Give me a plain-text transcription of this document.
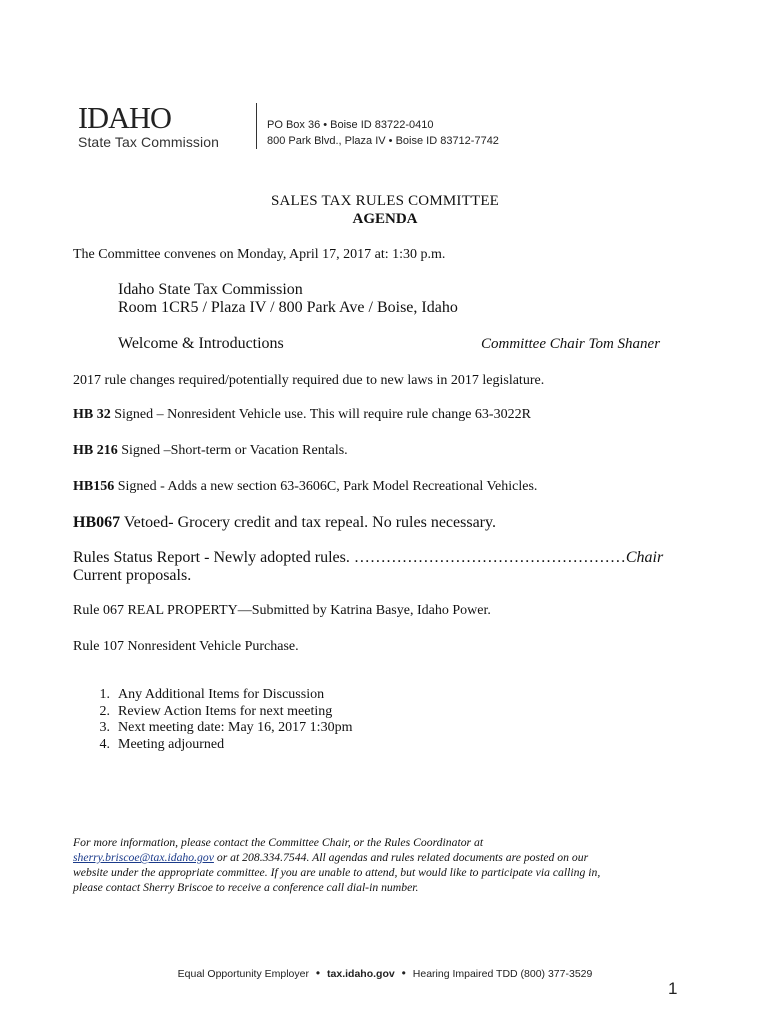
IDAHO
State Tax Commission
PO Box 36 • Boise ID 83722-0410
800 Park Blvd., Plaza IV • Boise ID 83712-7742
SALES TAX RULES COMMITTEE
AGENDA
The Committee convenes on Monday, April 17, 2017 at: 1:30 p.m.
Idaho State Tax Commission
Room 1CR5 / Plaza IV / 800 Park Ave / Boise, Idaho
Welcome & Introductions	Committee Chair Tom Shaner
2017 rule changes required/potentially required due to new laws in 2017 legislature.
HB 32 Signed – Nonresident Vehicle use. This will require rule change 63-3022R
HB 216 Signed –Short-term or Vacation Rentals.
HB156 Signed - Adds a new section 63-3606C, Park Model Recreational Vehicles.
HB067 Vetoed- Grocery credit and tax repeal. No rules necessary.
Rules Status Report - Newly adopted rules. ……………………………………………Chair
Current proposals.
Rule 067 REAL PROPERTY—Submitted by Katrina Basye, Idaho Power.
Rule 107 Nonresident Vehicle Purchase.
1. Any Additional Items for Discussion
2. Review Action Items for next meeting
3. Next meeting date: May 16, 2017 1:30pm
4. Meeting adjourned
For more information, please contact the Committee Chair, or the Rules Coordinator at
sherry.briscoe@tax.idaho.gov or at 208.334.7544. All agendas and rules related documents are posted on our
website under the appropriate committee. If you are unable to attend, but would like to participate via calling in,
please contact Sherry Briscoe to receive a conference call dial-in number.
Equal Opportunity Employer • tax.idaho.gov • Hearing Impaired TDD (800) 377-3529
1
